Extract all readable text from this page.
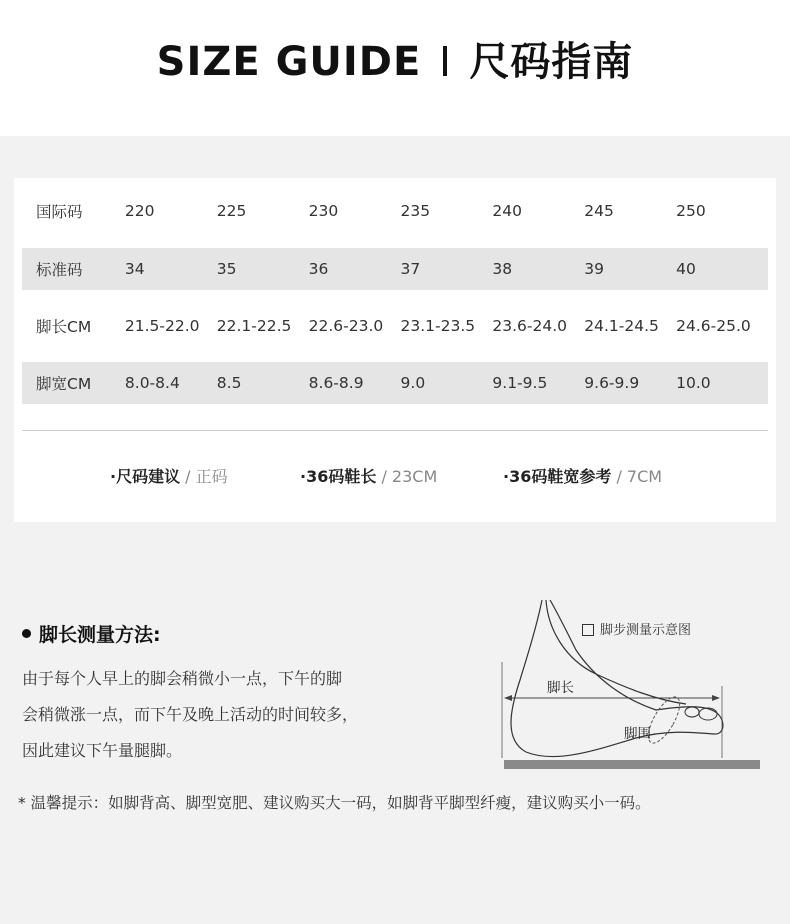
SIZE GUIDE 尺码指南
国际码	220	225	230	235	240	245	250
标准码	34	35	36	37	38	39	40
脚长CM	21.5-22.0	22.1-22.5	22.6-23.0	23.1-23.5	23.6-24.0	24.1-24.5	24.6-25.0
脚宽CM	8.0-8.4	8.5	8.6-8.9	9.0	9.1-9.5	9.6-9.9	10.0
·尺码建议 / 正码	·36码鞋长 / 23CM	·36码鞋宽参考 / 7CM
脚长测量方法:
由于每个人早上的脚会稍微小一点，下午的脚
会稍微涨一点，而下午及晚上活动的时间较多，
因此建议下午量腿脚。
脚步测量示意图
脚长
脚围
* 温馨提示：如脚背高、脚型宽肥、建议购买大一码，如脚背平脚型纤瘦，建议购买小一码。
